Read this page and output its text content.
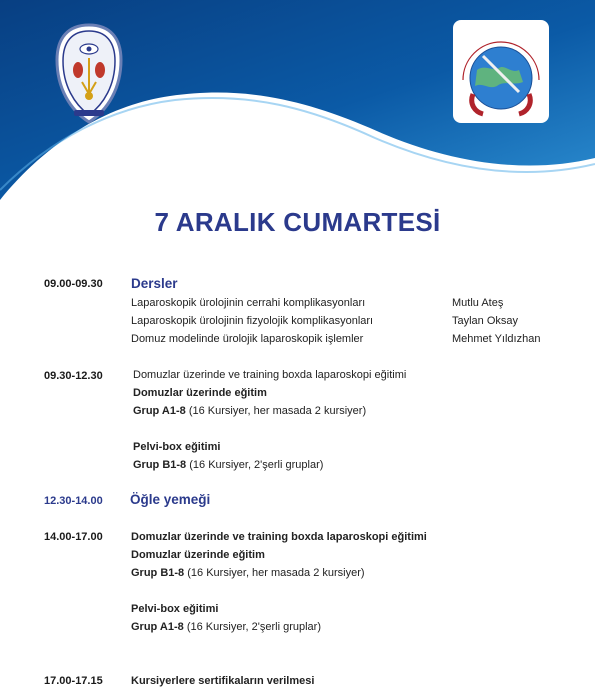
7 ARALIK CUMARTESİ
09.00-09.30 Dersler
Laparoskopik ürolojinin cerrahi komplikasyonları	Mutlu Ateş
Laparoskopik ürolojinin fizyolojik komplikasyonları	Taylan Oksay
Domuz modelinde ürolojik laparoskopik işlemler	Mehmet Yıldızhan
09.30-12.30	Domuzlar üzerinde ve training boxda laparoskopi eğitimi
Domuzlar üzerinde eğitim
Grup A1-8 (16 Kursiyer, her masada 2 kursiyer)
Pelvi-box eğitimi
Grup B1-8 (16 Kursiyer, 2'şerli gruplar)
12.30-14.00 Öğle yemeği
14.00-17.00	Domuzlar üzerinde ve training boxda laparoskopi eğitimi
Domuzlar üzerinde eğitim
Grup B1-8 (16 Kursiyer, her masada 2 kursiyer)
Pelvi-box eğitimi
Grup A1-8 (16 Kursiyer, 2'şerli gruplar)
17.00-17.15	Kursiyerlere sertifikaların verilmesi
